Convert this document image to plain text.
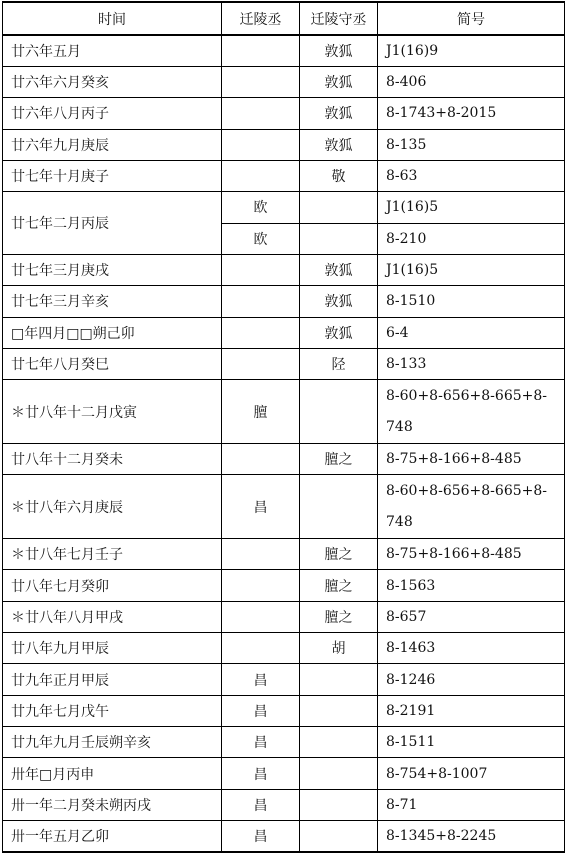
时间	迁陵丞	迁陵守丞	简号
廿六年五月		敦狐	J1(16)9
廿六年六月癸亥		敦狐	8-406
廿六年八月丙子		敦狐	8-1743+8-2015
廿六年九月庚辰		敦狐	8-135
廿七年十月庚子		敬	8-63
廿七年二月丙辰	欧		J1(16)5
	欧		8-210
廿七年三月庚戌		敦狐	J1(16)5
廿七年三月辛亥		敦狐	8-1510
□年四月□□朔己卯		敦狐	6-4
廿七年八月癸巳		陉	8-133
＊廿八年十二月戊寅	膻		8-60+8-656+8-665+8-748
廿八年十二月癸未		膻之	8-75+8-166+8-485
＊廿八年六月庚辰	昌		8-60+8-656+8-665+8-748
＊廿八年七月壬子		膻之	8-75+8-166+8-485
廿八年七月癸卯		膻之	8-1563
＊廿八年八月甲戌		膻之	8-657
廿八年九月甲辰		胡	8-1463
廿九年正月甲辰	昌		8-1246
廿九年七月戊午	昌		8-2191
廿九年九月壬辰朔辛亥	昌		8-1511
卅年□月丙申	昌		8-754+8-1007
卅一年二月癸未朔丙戌	昌		8-71
卅一年五月乙卯	昌		8-1345+8-2245
